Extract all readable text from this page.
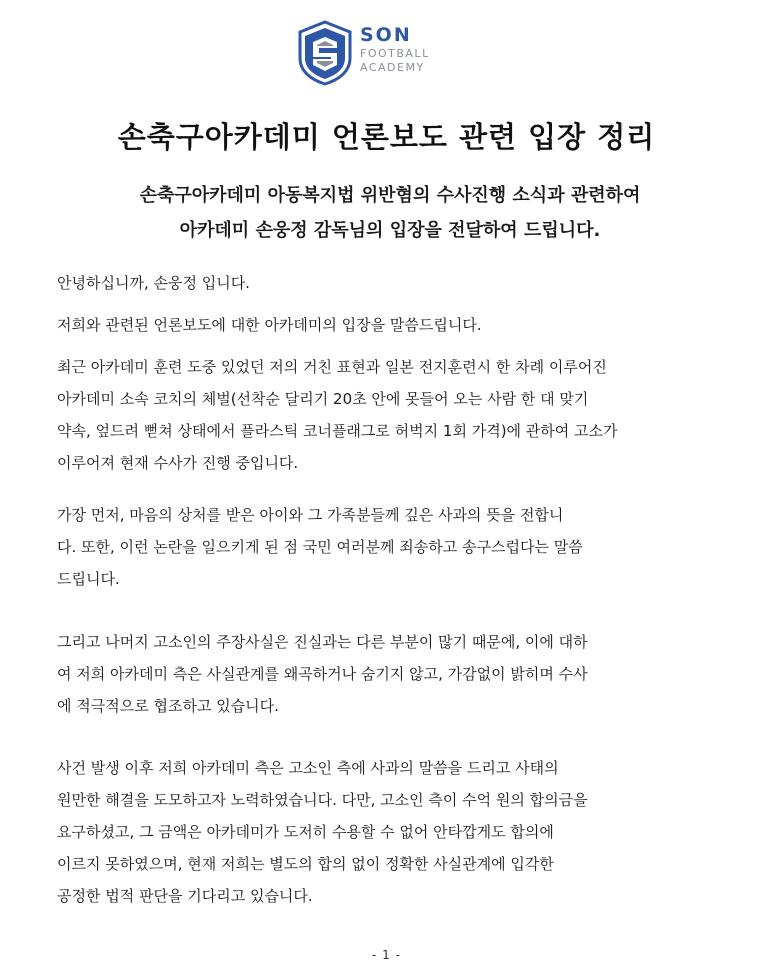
SON
FOOTBALL
ACADEMY
손축구아카데미 언론보도 관련 입장 정리
손축구아카데미 아동복지법 위반혐의 수사진행 소식과 관련하여
아카데미 손웅정 감독님의 입장을 전달하여 드립니다.

안녕하십니까, 손웅정 입니다.

저희와 관련된 언론보도에 대한 아카데미의 입장을 말씀드립니다.

최근 아카데미 훈련 도중 있었던 저의 거친 표현과 일본 전지훈련시 한 차례 이루어진
아카데미 소속 코치의 체벌(선착순 달리기 20초 안에 못들어 오는 사람 한 대 맞기
약속, 엎드려 뻗쳐 상태에서 플라스틱 코너플래그로 허벅지 1회 가격)에 관하여 고소가
이루어져 현재 수사가 진행 중입니다.

가장 먼저, 마음의 상처를 받은 아이와 그 가족분들께 깊은 사과의 뜻을 전합니
다. 또한, 이런 논란을 일으키게 된 점 국민 여러분께 죄송하고 송구스럽다는 말씀
드립니다.

그리고 나머지 고소인의 주장사실은 진실과는 다른 부분이 많기 때문에, 이에 대하
여 저희 아카데미 측은 사실관계를 왜곡하거나 숨기지 않고, 가감없이 밝히며 수사
에 적극적으로 협조하고 있습니다.

사건 발생 이후 저희 아카데미 측은 고소인 측에 사과의 말씀을 드리고 사태의
원만한 해결을 도모하고자 노력하였습니다. 다만, 고소인 측이 수억 원의 합의금을
요구하셨고, 그 금액은 아카데미가 도저히 수용할 수 없어 안타깝게도 합의에
이르지 못하였으며, 현재 저희는 별도의 합의 없이 정확한 사실관계에 입각한
공정한 법적 판단을 기다리고 있습니다.

- 1 -
